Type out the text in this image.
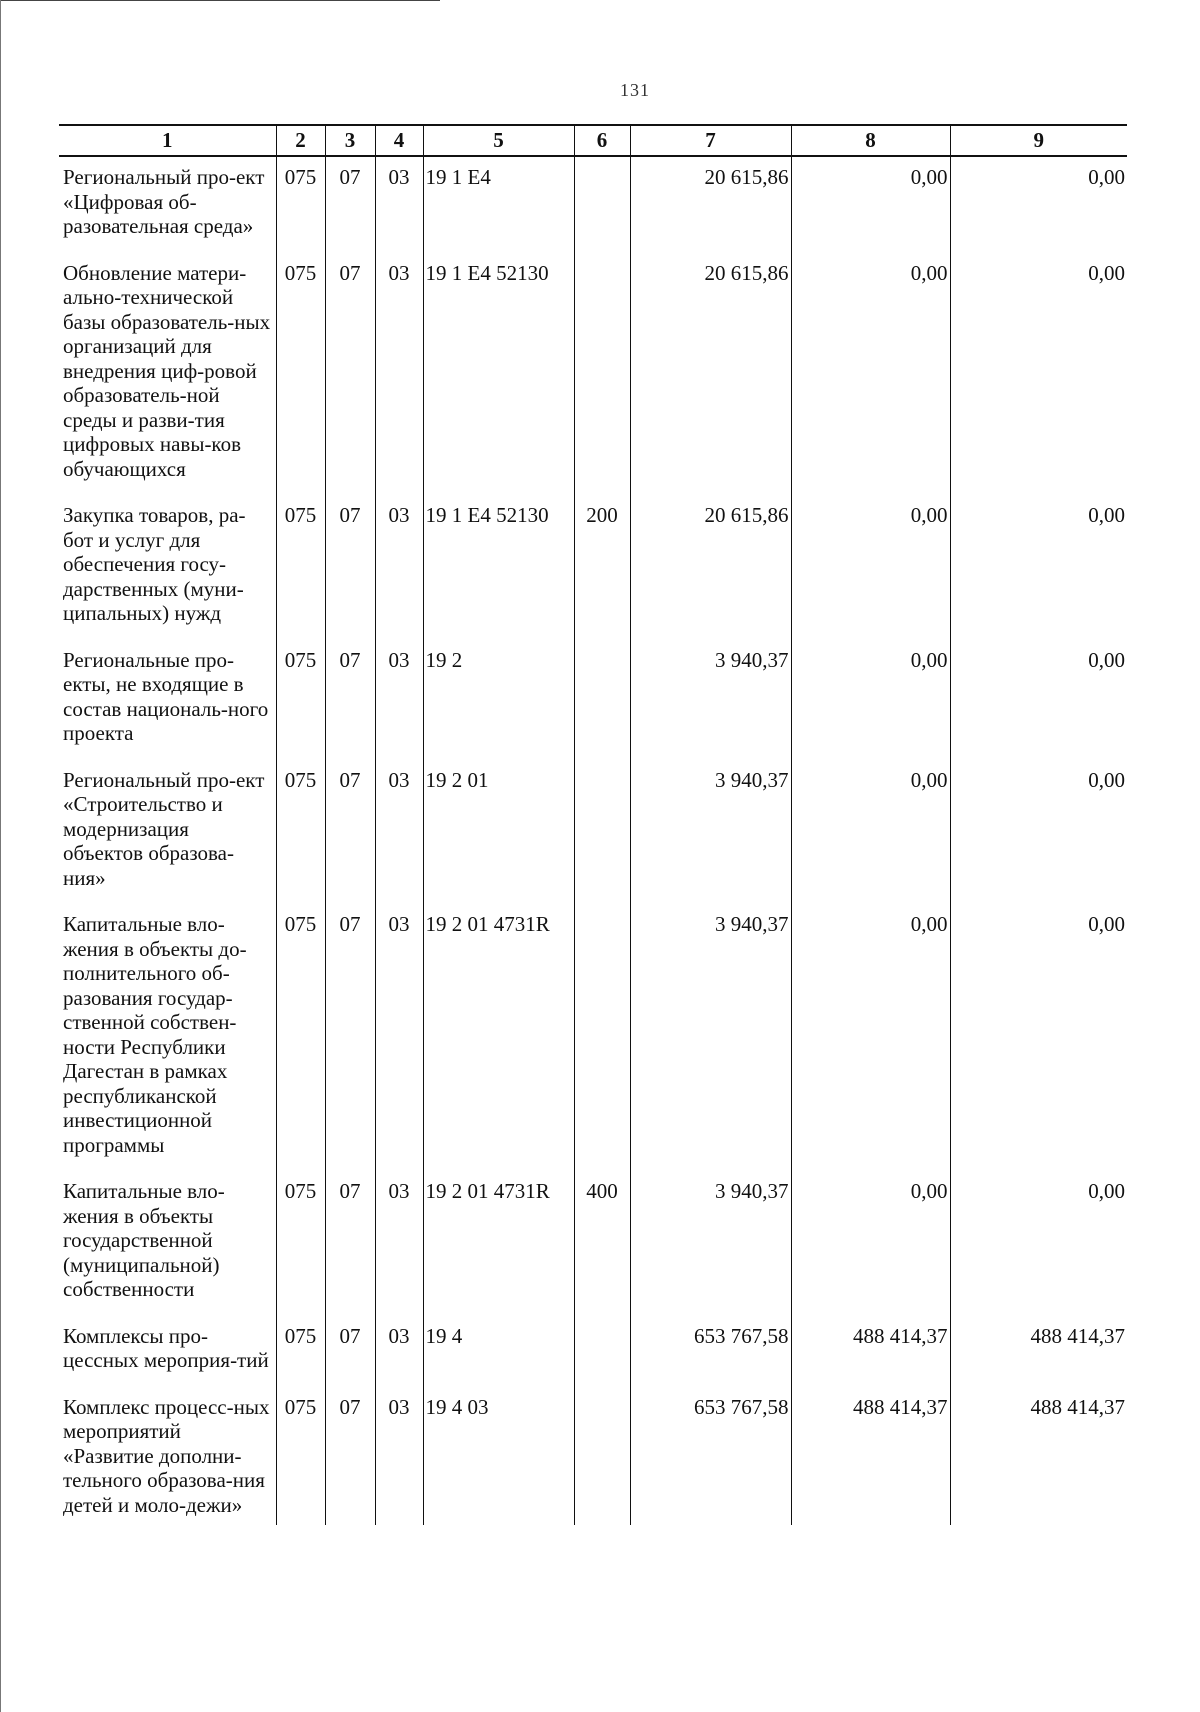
131
1	2	3	4	5	6	7	8	9
Региональный про-ект «Цифровая об-разовательная среда»	075	07	03	19 1 E4		20 615,86	0,00	0,00
Обновление матери-ально-технической базы образователь-ных организаций для внедрения циф-ровой образователь-ной среды и разви-тия цифровых навы-ков обучающихся	075	07	03	19 1 E4 52130		20 615,86	0,00	0,00
Закупка товаров, ра-бот и услуг для обеспечения госу-дарственных (муни-ципальных) нужд	075	07	03	19 1 E4 52130	200	20 615,86	0,00	0,00
Региональные про-екты, не входящие в состав националь-ного проекта	075	07	03	19 2		3 940,37	0,00	0,00
Региональный про-ект «Строительство и модернизация объектов образова-ния»	075	07	03	19 2 01		3 940,37	0,00	0,00
Капитальные вло-жения в объекты до-полнительного об-разования государ-ственной собствен-ности Республики Дагестан в рамках республиканской инвестиционной программы	075	07	03	19 2 01 4731R		3 940,37	0,00	0,00
Капитальные вло-жения в объекты государственной (муниципальной) собственности	075	07	03	19 2 01 4731R	400	3 940,37	0,00	0,00
Комплексы про-цессных мероприя-тий	075	07	03	19 4		653 767,58	488 414,37	488 414,37
Комплекс процесс-ных мероприятий «Развитие дополни-тельного образова-ния детей и моло-дежи»	075	07	03	19 4 03		653 767,58	488 414,37	488 414,37
